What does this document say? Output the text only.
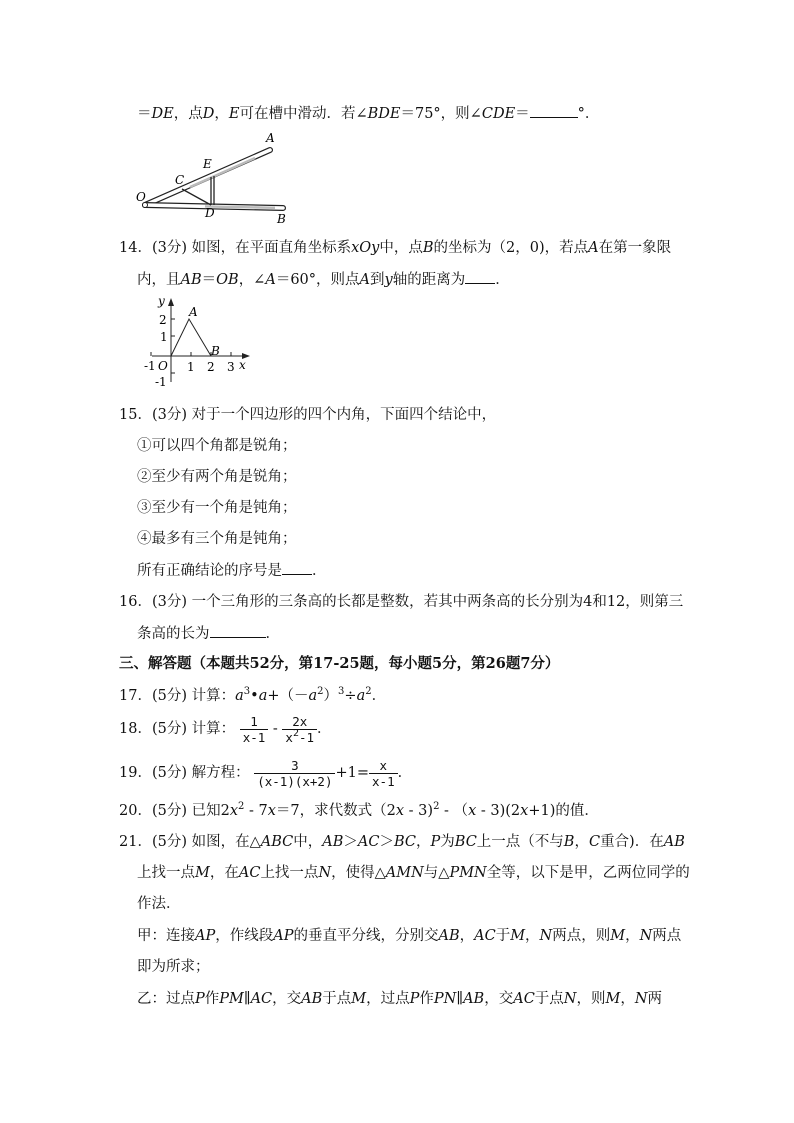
＝DE，点D，E可在槽中滑动．若∠BDE＝75°，则∠CDE＝	°．
A
B
C
D
E
O
14．(3分) 如图，在平面直角坐标系xOy中，点B的坐标为（2，0)，若点A在第一象限
内，且AB＝OB，∠A＝60°，则点A到y轴的距离为 ．
y
x
A
B
O
2
1
-1
-1
1 2 3
15．(3分) 对于一个四边形的四个内角，下面四个结论中，
①可以四个角都是锐角；
②至少有两个角是锐角；
③至少有一个角是钝角；
④最多有三个角是钝角；
所有正确结论的序号是 ．
16．(3分) 一个三角形的三条高的长都是整数，若其中两条高的长分别为4和12，则第三
条高的长为	．
三、解答题（本题共52分，第17-25题，每小题5分，第26题7分）
17．(5分) 计算：$a^3•a+(-a^2)^3\div a^2$．
18．(5分) 计算： $\frac{1}{x-1} - \frac{2x}{x^2-1}$ ．
19．(5分) 解方程： $\frac{3}{(x-1)(x+2)} +1= \frac{x}{x-1}$ ．
20．(5分) 已知$2x^2 - 7x=7$，求代数式（2x - 3)$^2$ - （x - 3)(2x+1)的值．
21．(5分) 如图，在△ABC中，AB＞AC＞BC，P为BC上一点（不与B，C重合)．在AB
上找一点M，在AC上找一点N，使得△AMN与△PMN全等，以下是甲，乙两位同学的
作法．
甲：连接AP，作线段AP的垂直平分线，分别交AB，AC于M，N两点，则M，N两点
即为所求；
乙：过点P作PM∥AC，交AB于点M，过点P作PN∥AB，交AC于点N，则M，N两
